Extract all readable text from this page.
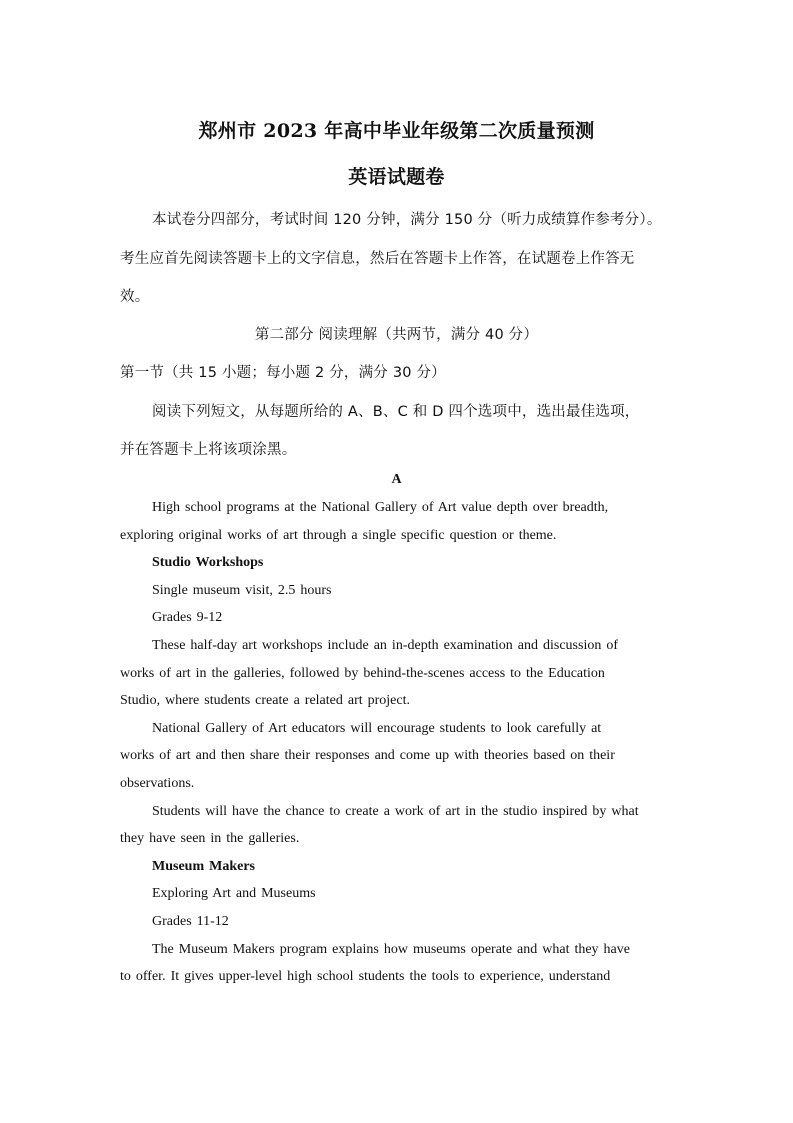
郑州市 2023 年高中毕业年级第二次质量预测
英语试题卷
本试卷分四部分，考试时间 120 分钟，满分 150 分（听力成绩算作参考分）。
考生应首先阅读答题卡上的文字信息，然后在答题卡上作答，在试题卷上作答无
效。
第二部分 阅读理解（共两节，满分 40 分）
第一节（共 15 小题；每小题 2 分，满分 30 分）
阅读下列短文，从每题所给的 A、B、C 和 D 四个选项中，选出最佳选项，
并在答题卡上将该项涂黑。
A
High school programs at the National Gallery of Art value depth over breadth,
exploring original works of art through a single specific question or theme.
Studio Workshops
Single museum visit, 2.5 hours
Grades 9-12
These half-day art workshops include an in-depth examination and discussion of
works of art in the galleries, followed by behind-the-scenes access to the Education
Studio, where students create a related art project.
National Gallery of Art educators will encourage students to look carefully at
works of art and then share their responses and come up with theories based on their
observations.
Students will have the chance to create a work of art in the studio inspired by what
they have seen in the galleries.
Museum Makers
Exploring Art and Museums
Grades 11-12
The Museum Makers program explains how museums operate and what they have
to offer. It gives upper-level high school students the tools to experience, understand
